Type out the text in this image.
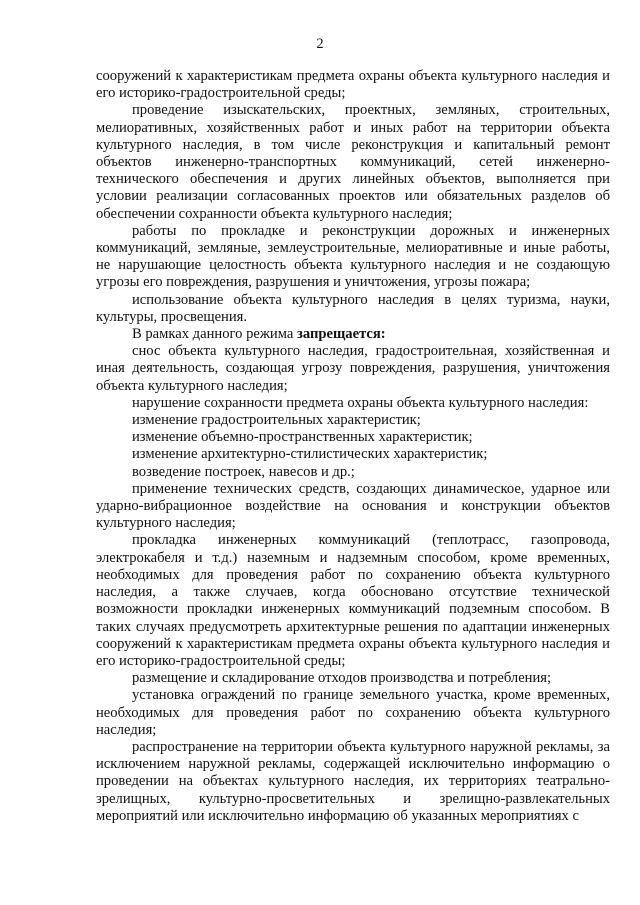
2

сооружений к характеристикам предмета охраны объекта культурного наследия и его историко-градостроительной среды;

проведение изыскательских, проектных, земляных, строительных, мелиоративных, хозяйственных работ и иных работ на территории объекта культурного наследия, в том числе реконструкция и капитальный ремонт объектов инженерно-транспортных коммуникаций, сетей инженерно-технического обеспечения и других линейных объектов, выполняется при условии реализации согласованных проектов или обязательных разделов об обеспечении сохранности объекта культурного наследия;

работы по прокладке и реконструкции дорожных и инженерных коммуникаций, земляные, землеустроительные, мелиоративные и иные работы, не нарушающие целостность объекта культурного наследия и не создающую угрозы его повреждения, разрушения и уничтожения, угрозы пожара;

использование объекта культурного наследия в целях туризма, науки, культуры, просвещения.

В рамках данного режима запрещается:

снос объекта культурного наследия, градостроительная, хозяйственная и иная деятельность, создающая угрозу повреждения, разрушения, уничтожения объекта культурного наследия;

нарушение сохранности предмета охраны объекта культурного наследия:

изменение градостроительных характеристик;

изменение объемно-пространственных характеристик;

изменение архитектурно-стилистических характеристик;

возведение построек, навесов и др.;

применение технических средств, создающих динамическое, ударное или ударно-вибрационное воздействие на основания и конструкции объектов культурного наследия;

прокладка инженерных коммуникаций (теплотрасс, газопровода, электрокабеля и т.д.) наземным и надземным способом, кроме временных, необходимых для проведения работ по сохранению объекта культурного наследия, а также случаев, когда обосновано отсутствие технической возможности прокладки инженерных коммуникаций подземным способом. В таких случаях предусмотреть архитектурные решения по адаптации инженерных сооружений к характеристикам предмета охраны объекта культурного наследия и его историко-градостроительной среды;

размещение и складирование отходов производства и потребления;

установка ограждений по границе земельного участка, кроме временных, необходимых для проведения работ по сохранению объекта культурного наследия;

распространение на территории объекта культурного наружной рекламы, за исключением наружной рекламы, содержащей исключительно информацию о проведении на объектах культурного наследия, их территориях театрально-зрелищных, культурно-просветительных и зрелищно-развлекательных мероприятий или исключительно информацию об указанных мероприятиях с
